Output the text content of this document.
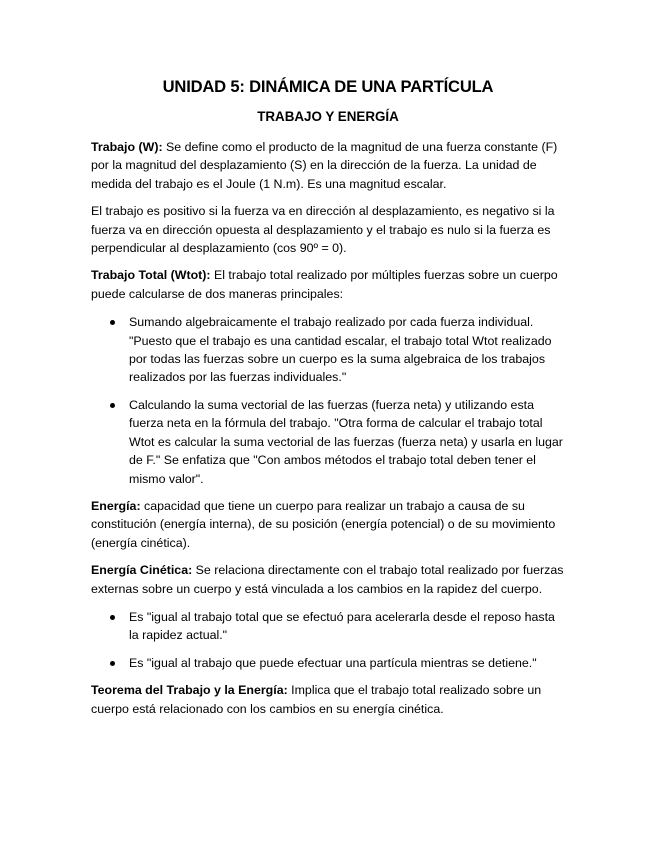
UNIDAD 5: DINÁMICA DE UNA PARTÍCULA
TRABAJO Y ENERGÍA

Trabajo (W): Se define como el producto de la magnitud de una fuerza constante (F) por la magnitud del desplazamiento (S) en la dirección de la fuerza. La unidad de medida del trabajo es el Joule (1 N.m). Es una magnitud escalar.

El trabajo es positivo si la fuerza va en dirección al desplazamiento, es negativo si la fuerza va en dirección opuesta al desplazamiento y el trabajo es nulo si la fuerza es perpendicular al desplazamiento (cos 90º = 0).

Trabajo Total (Wtot): El trabajo total realizado por múltiples fuerzas sobre un cuerpo puede calcularse de dos maneras principales:

Sumando algebraicamente el trabajo realizado por cada fuerza individual. "Puesto que el trabajo es una cantidad escalar, el trabajo total Wtot realizado por todas las fuerzas sobre un cuerpo es la suma algebraica de los trabajos realizados por las fuerzas individuales."
Calculando la suma vectorial de las fuerzas (fuerza neta) y utilizando esta fuerza neta en la fórmula del trabajo. "Otra forma de calcular el trabajo total Wtot es calcular la suma vectorial de las fuerzas (fuerza neta) y usarla en lugar de F." Se enfatiza que "Con ambos métodos el trabajo total deben tener el mismo valor".

Energía: capacidad que tiene un cuerpo para realizar un trabajo a causa de su constitución (energía interna), de su posición (energía potencial) o de su movimiento (energía cinética).

Energía Cinética: Se relaciona directamente con el trabajo total realizado por fuerzas externas sobre un cuerpo y está vinculada a los cambios en la rapidez del cuerpo.

Es "igual al trabajo total que se efectuó para acelerarla desde el reposo hasta la rapidez actual."
Es "igual al trabajo que puede efectuar una partícula mientras se detiene."

Teorema del Trabajo y la Energía: Implica que el trabajo total realizado sobre un cuerpo está relacionado con los cambios en su energía cinética.
